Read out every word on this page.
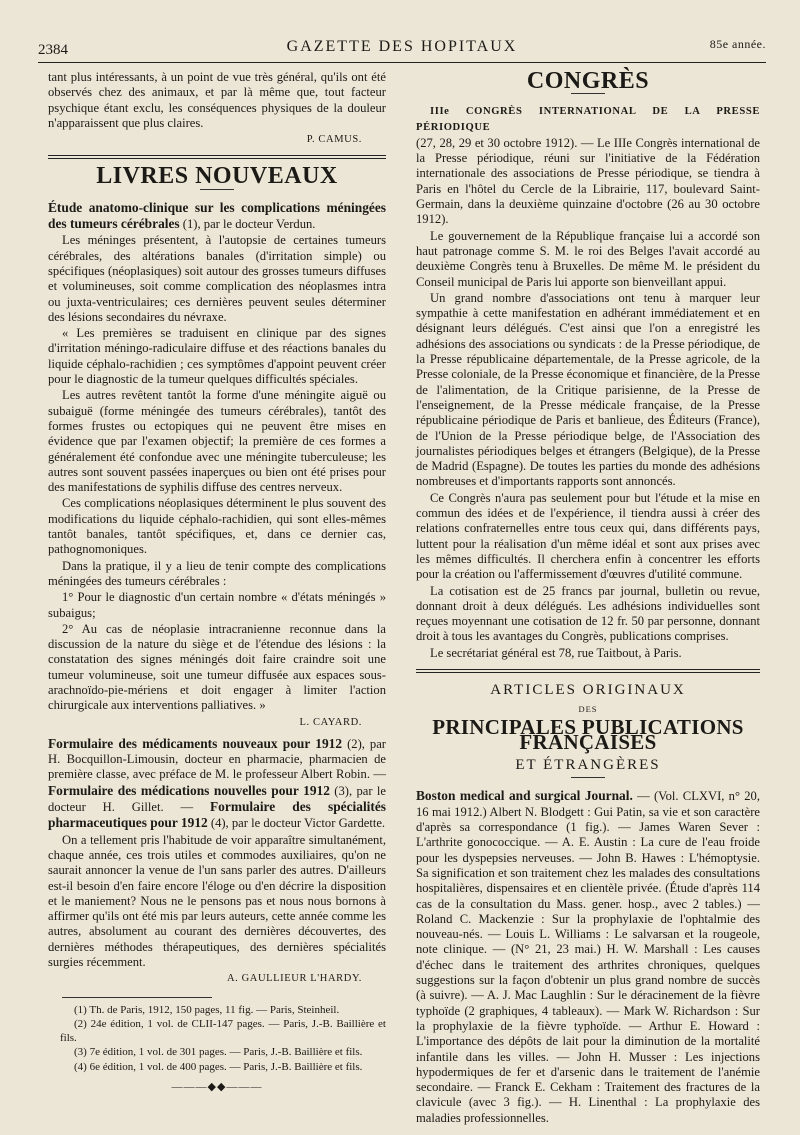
2384	GAZETTE DES HOPITAUX	85e année.

tant plus intéressants, à un point de vue très général, qu'ils ont été observés chez des animaux, et par là même que, tout facteur psychique étant exclu, les conséquences physiques de la douleur n'apparaissent que plus claires.

P. CAMUS.
LIVRES NOUVEAUX

Étude anatomo-clinique sur les complications méningées des tumeurs cérébrales (1), par le docteur Verdun.

Les méninges présentent, à l'autopsie de certaines tumeurs cérébrales, des altérations banales (d'irritation simple) ou spécifiques (néoplasiques) soit autour des grosses tumeurs diffuses et volumineuses, soit comme complication des néoplasmes intra ou juxta-ventriculaires; ces dernières peuvent seules déterminer des lésions secondaires du névraxe.

« Les premières se traduisent en clinique par des signes d'irritation méningo-radiculaire diffuse et des réactions banales du liquide céphalo-rachidien ; ces symptômes d'appoint peuvent créer pour le diagnostic de la tumeur quelques difficultés spéciales.

Les autres revêtent tantôt la forme d'une méningite aiguë ou subaiguë (forme méningée des tumeurs cérébrales), tantôt des formes frustes ou ectopiques qui ne peuvent être mises en évidence que par l'examen objectif; la première de ces formes a généralement été confondue avec une méningite tuberculeuse; les autres sont souvent passées inaperçues ou bien ont été prises pour des manifestations de syphilis diffuse des centres nerveux.

Ces complications néoplasiques déterminent le plus souvent des modifications du liquide céphalo-rachidien, qui sont elles-mêmes tantôt banales, tantôt spécifiques, et, dans ce dernier cas, pathognomoniques.

Dans la pratique, il y a lieu de tenir compte des complications méningées des tumeurs cérébrales :

1° Pour le diagnostic d'un certain nombre « d'états méningés » subaigus;

2° Au cas de néoplasie intracranienne reconnue dans la discussion de la nature du siège et de l'étendue des lésions : la constatation des signes méningés doit faire craindre soit une tumeur volumineuse, soit une tumeur diffusée aux espaces sous-arachnoïdo-pie-mériens et doit engager à limiter l'action chirurgicale aux interventions palliatives. »

L. CAYARD.

Formulaire des médicaments nouveaux pour 1912 (2), par H. Bocquillon-Limousin, docteur en pharmacie, pharmacien de première classe, avec préface de M. le professeur Albert Robin. — Formulaire des médications nouvelles pour 1912 (3), par le docteur H. Gillet. — Formulaire des spécialités pharmaceutiques pour 1912 (4), par le docteur Victor Gardette.

On a tellement pris l'habitude de voir apparaître simultanément, chaque année, ces trois utiles et commodes auxiliaires, qu'on ne saurait annoncer la venue de l'un sans parler des autres. D'ailleurs est-il besoin d'en faire encore l'éloge ou d'en décrire la disposition et le maniement? Nous ne le pensons pas et nous nous bornons à affirmer qu'ils ont été mis par leurs auteurs, cette année comme les autres, absolument au courant des dernières découvertes, des dernières méthodes thérapeutiques, des dernières spécialités surgies récemment.

A. GAULLIEUR L'HARDY.

(1) Th. de Paris, 1912, 150 pages, 11 fig. — Paris, Steinheil.

(2) 24e édition, 1 vol. de CLII-147 pages. — Paris, J.-B. Baillière et fils.

(3) 7e édition, 1 vol. de 301 pages. — Paris, J.-B. Baillière et fils.

(4) 6e édition, 1 vol. de 400 pages. — Paris, J.-B. Baillière et fils.

———◆◆———
CONGRÈS

IIIe CONGRÈS INTERNATIONAL DE LA PRESSE PÉRIODIQUE

(27, 28, 29 et 30 octobre 1912). — Le IIIe Congrès international de la Presse périodique, réuni sur l'initiative de la Fédération internationale des associations de Presse périodique, se tiendra à Paris en l'hôtel du Cercle de la Librairie, 117, boulevard Saint-Germain, dans la deuxième quinzaine d'octobre (26 au 30 octobre 1912).

Le gouvernement de la République française lui a accordé son haut patronage comme S. M. le roi des Belges l'avait accordé au deuxième Congrès tenu à Bruxelles. De même M. le président du Conseil municipal de Paris lui apporte son bienveillant appui.

Un grand nombre d'associations ont tenu à marquer leur sympathie à cette manifestation en adhérant immédiatement et en désignant leurs délégués. C'est ainsi que l'on a enregistré les adhésions des associations ou syndicats : de la Presse périodique, de la Presse républicaine départementale, de la Presse agricole, de la Presse coloniale, de la Presse économique et financière, de la Presse de l'alimentation, de la Critique parisienne, de la Presse de l'enseignement, de la Presse médicale française, de la Presse républicaine périodique de Paris et banlieue, des Éditeurs (France), de l'Union de la Presse périodique belge, de l'Association des journalistes périodiques belges et étrangers (Belgique), de la Presse de Madrid (Espagne). De toutes les parties du monde des adhésions nombreuses et d'importants rapports sont annoncés.

Ce Congrès n'aura pas seulement pour but l'étude et la mise en commun des idées et de l'expérience, il tiendra aussi à créer des relations confraternelles entre tous ceux qui, dans différents pays, luttent pour la réalisation d'un même idéal et sont aux prises avec les mêmes difficultés. Il cherchera enfin à concentrer les efforts pour la création ou l'affermissement d'œuvres d'utilité commune.

La cotisation est de 25 francs par journal, bulletin ou revue, donnant droit à deux délégués. Les adhésions individuelles sont reçues moyennant une cotisation de 12 fr. 50 par personne, donnant droit à tous les avantages du Congrès, publications comprises.

Le secrétariat général est 78, rue Taitbout, à Paris.

ARTICLES ORIGINAUX
DES
PRINCIPALES PUBLICATIONS FRANÇAISES
ET ÉTRANGÈRES

Boston medical and surgical Journal. — (Vol. CLXVI, n° 20, 16 mai 1912.) Albert N. Blodgett : Gui Patin, sa vie et son caractère d'après sa correspondance (1 fig.). — James Waren Sever : L'arthrite gonococcique. — A. E. Austin : La cure de l'eau froide pour les dyspepsies nerveuses. — John B. Hawes : L'hémoptysie. Sa signification et son traitement chez les malades des consultations hospitalières, dispensaires et en clientèle privée. (Étude d'après 114 cas de la consultation du Mass. gener. hosp., avec 2 tables.) — Roland C. Mackenzie : Sur la prophylaxie de l'ophtalmie des nouveau-nés. — Louis L. Williams : Le salvarsan et la rougeole, note clinique. — (N° 21, 23 mai.) H. W. Marshall : Les causes d'échec dans le traitement des arthrites chroniques, quelques suggestions sur la façon d'obtenir un plus grand nombre de succès (à suivre). — A. J. Mac Laughlin : Sur le déracinement de la fièvre typhoïde (2 graphiques, 4 tableaux). — Mark W. Richardson : Sur la prophylaxie de la fièvre typhoïde. — Arthur E. Howard : L'importance des dépôts de lait pour la diminution de la mortalité infantile dans les villes. — John H. Musser : Les injections hypodermiques de fer et d'arsenic dans le traitement de l'anémie secondaire. — Franck E. Cekham : Traitement des fractures de la clavicule (avec 3 fig.). — H. Linenthal : La prophylaxie des maladies professionnelles.
